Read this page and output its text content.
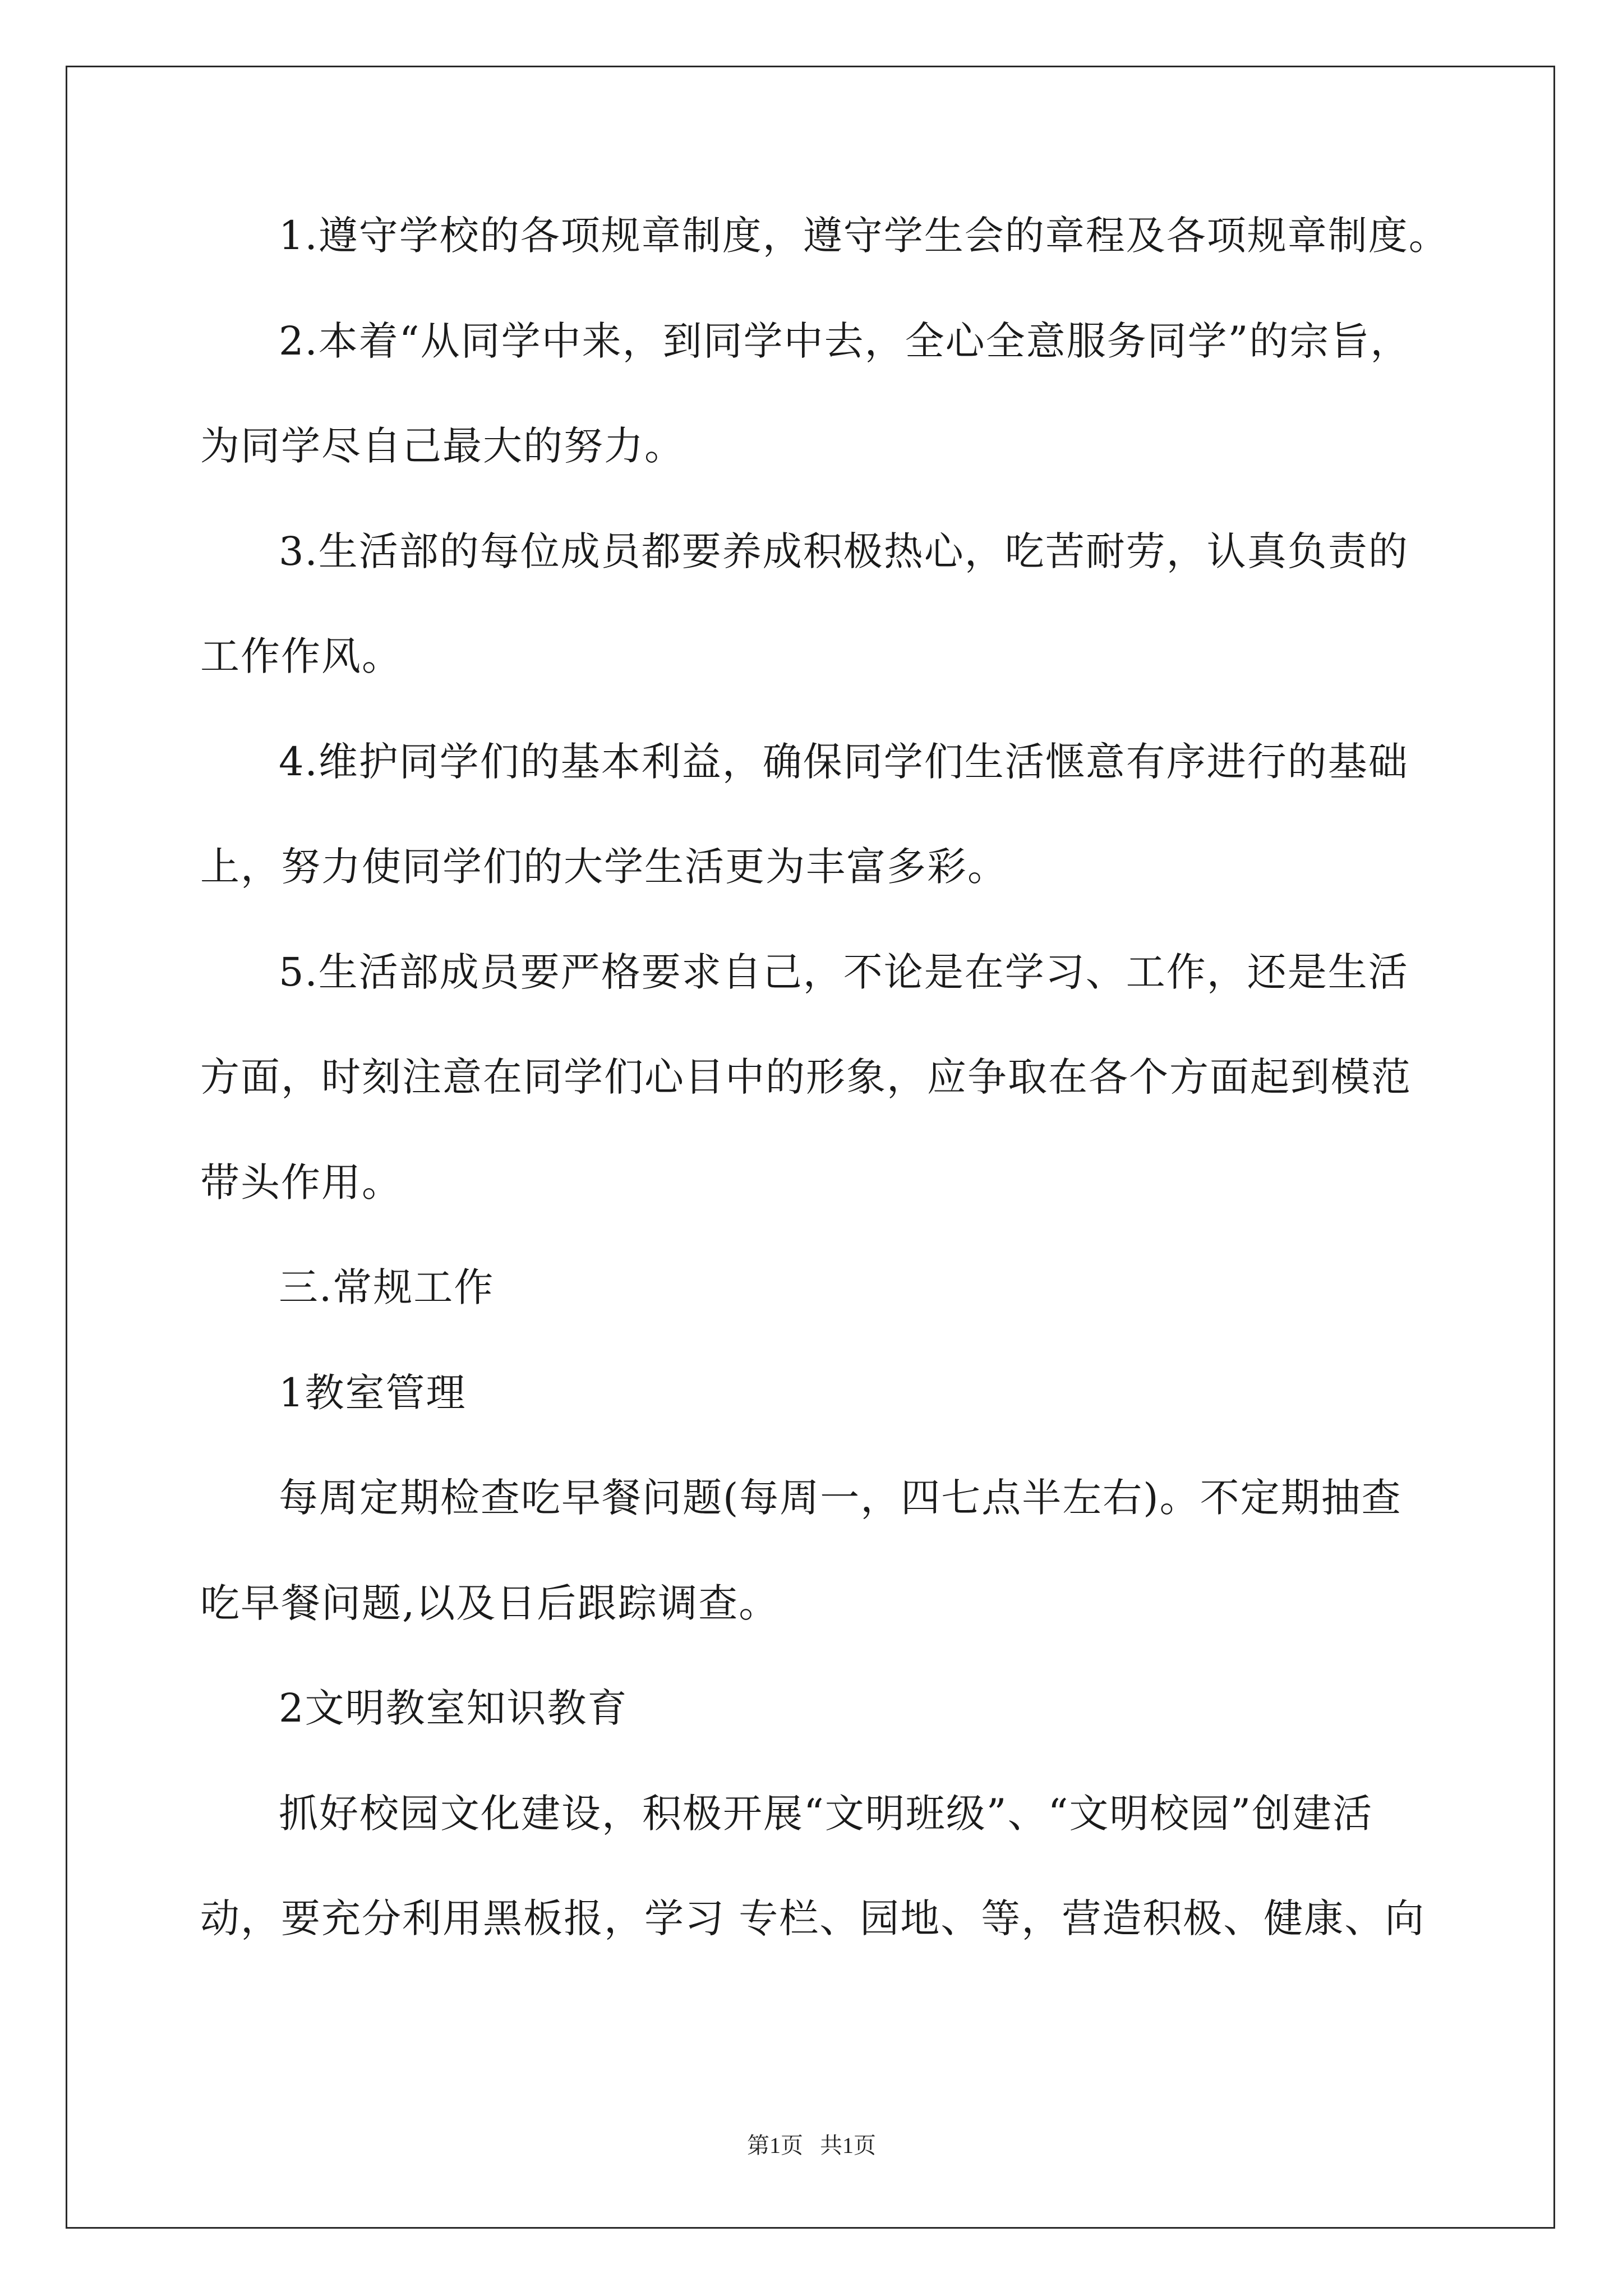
1.遵守学校的各项规章制度，遵守学生会的章程及各项规章制度。
2.本着“从同学中来，到同学中去，全心全意服务同学”的宗旨，
为同学尽自己最大的努力。
3.生活部的每位成员都要养成积极热心，吃苦耐劳，认真负责的
工作作风。
4.维护同学们的基本利益，确保同学们生活惬意有序进行的基础
上，努力使同学们的大学生活更为丰富多彩。
5.生活部成员要严格要求自己，不论是在学习、工作，还是生活
方面，时刻注意在同学们心目中的形象，应争取在各个方面起到模范
带头作用。
三.常规工作
1教室管理
每周定期检查吃早餐问题(每周一，四七点半左右)。不定期抽查
吃早餐问题,以及日后跟踪调查。
2文明教室知识教育
抓好校园文化建设，积极开展“文明班级”、“文明校园”创建活
动，要充分利用黑板报，学习 专栏、园地、等，营造积极、健康、向
第1页   共1页
